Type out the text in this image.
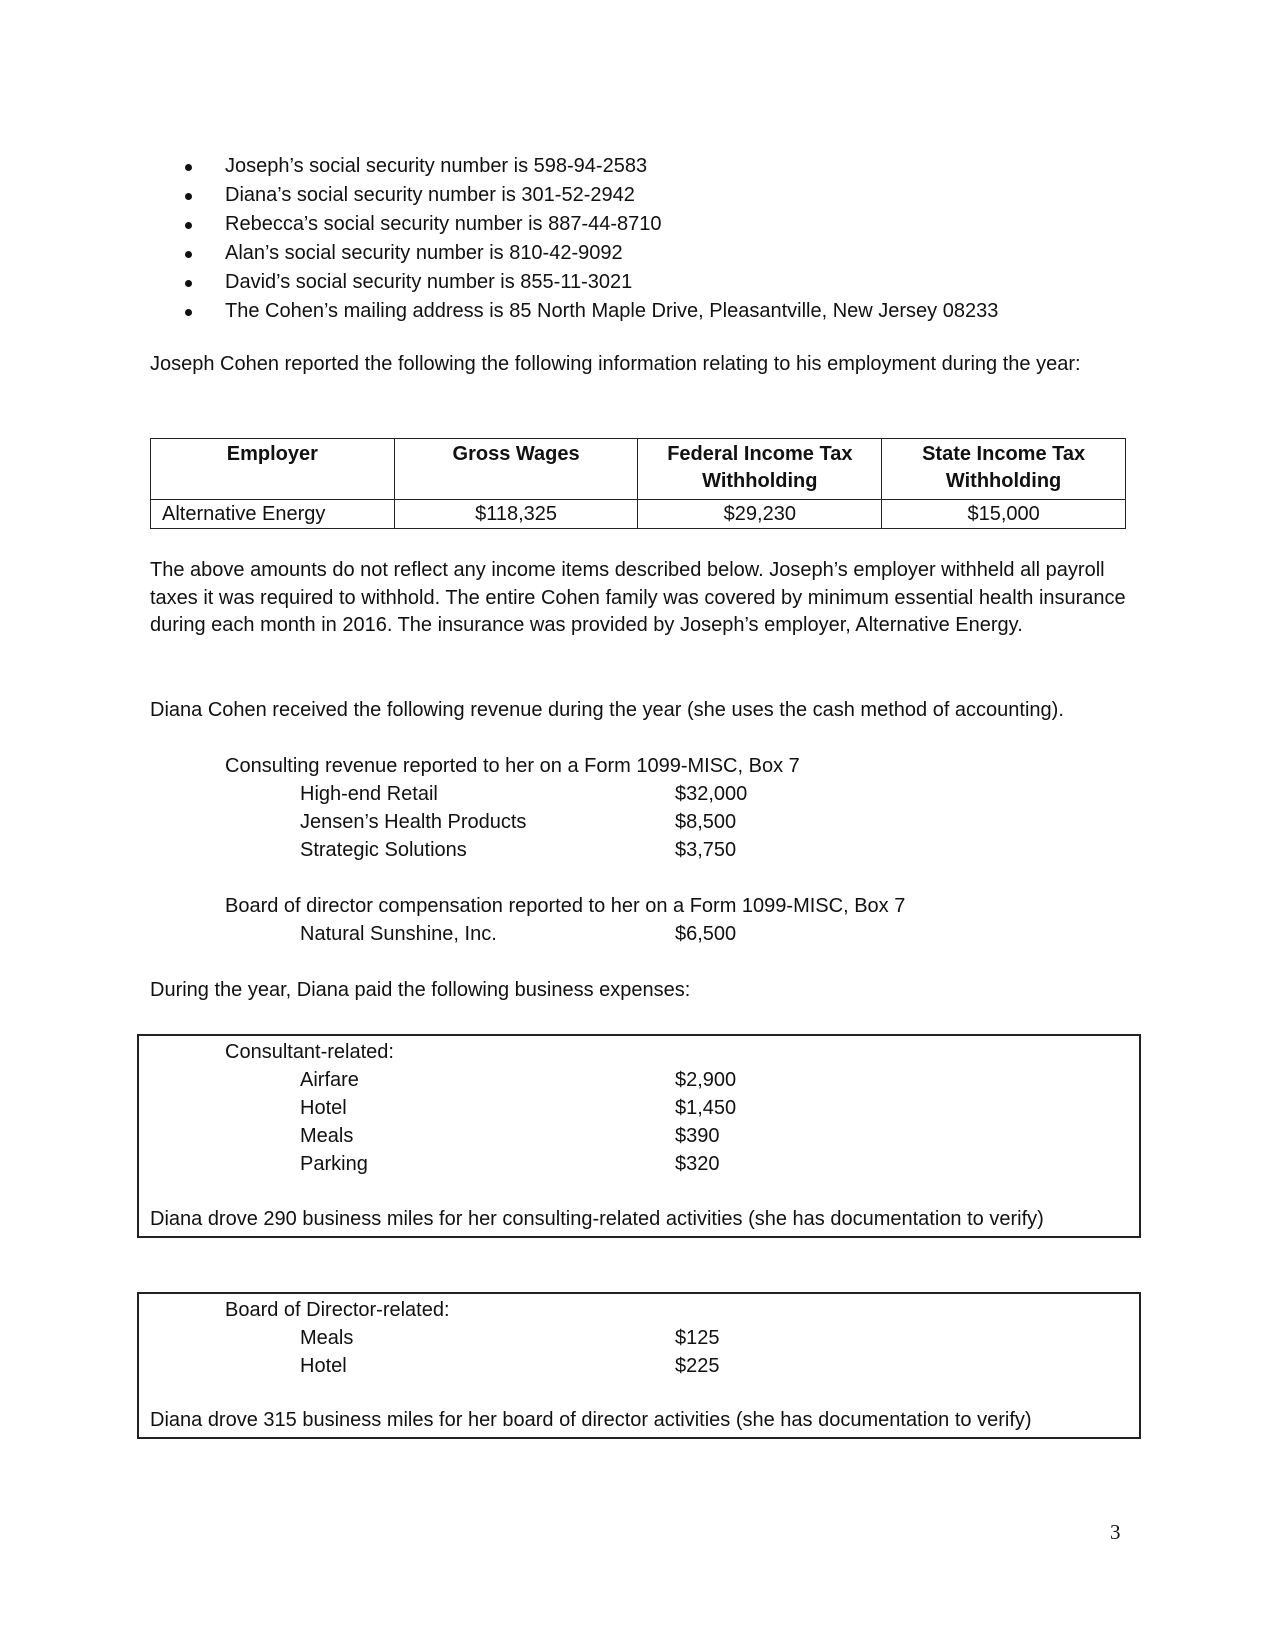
Joseph’s social security number is 598-94-2583
Diana’s social security number is 301-52-2942
Rebecca’s social security number is 887-44-8710
Alan’s social security number is 810-42-9092
David’s social security number is 855-11-3021
The Cohen’s mailing address is 85 North Maple Drive, Pleasantville, New Jersey 08233
Joseph Cohen reported the following the following information relating to his employment during the year:
Employer	Gross Wages	Federal Income Tax Withholding	State Income Tax Withholding
Alternative Energy	$118,325	$29,230	$15,000
The above amounts do not reflect any income items described below. Joseph’s employer withheld all payroll taxes it was required to withhold. The entire Cohen family was covered by minimum essential health insurance during each month in 2016. The insurance was provided by Joseph’s employer, Alternative Energy.
Diana Cohen received the following revenue during the year (she uses the cash method of accounting).
Consulting revenue reported to her on a Form 1099-MISC, Box 7
High-end Retail	$32,000
Jensen’s Health Products	$8,500
Strategic Solutions	$3,750
Board of director compensation reported to her on a Form 1099-MISC, Box 7
Natural Sunshine, Inc.	$6,500
During the year, Diana paid the following business expenses:
Consultant-related:
Airfare	$2,900
Hotel	$1,450
Meals	$390
Parking	$320
Diana drove 290 business miles for her consulting-related activities (she has documentation to verify)
Board of Director-related:
Meals	$125
Hotel	$225
Diana drove 315 business miles for her board of director activities (she has documentation to verify)
3
